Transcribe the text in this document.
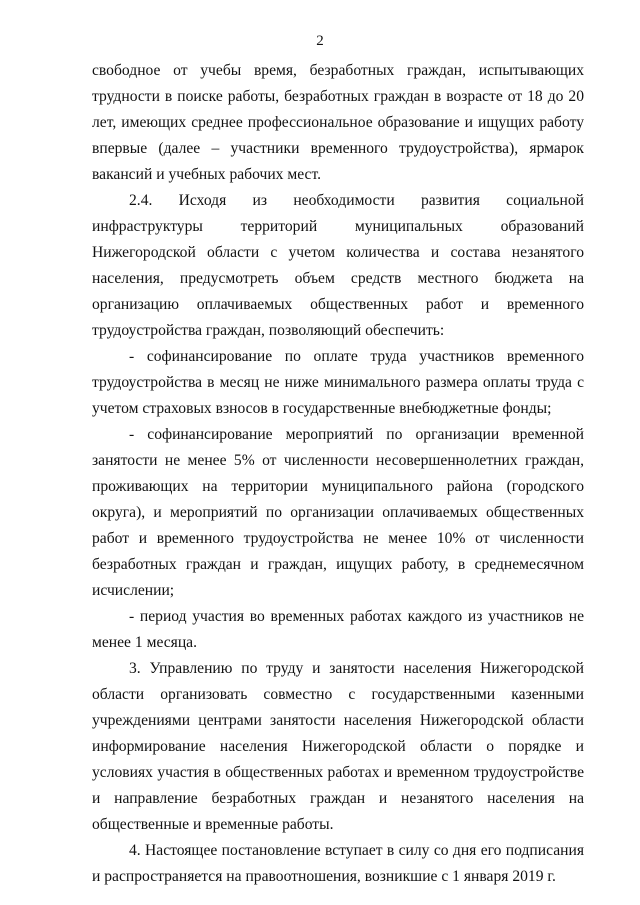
2

свободное от учебы время, безработных граждан, испытывающих трудности в поиске работы, безработных граждан в возрасте от 18 до 20 лет, имеющих среднее профессиональное образование и ищущих работу впервые (далее – участники временного трудоустройства), ярмарок вакансий и учебных рабочих мест.

2.4. Исходя из необходимости развития социальной инфраструктуры территорий муниципальных образований Нижегородской области с учетом количества и состава незанятого населения, предусмотреть объем средств местного бюджета на организацию оплачиваемых общественных работ и временного трудоустройства граждан, позволяющий обеспечить:

- софинансирование по оплате труда участников временного трудоустройства в месяц не ниже минимального размера оплаты труда с учетом страховых взносов в государственные внебюджетные фонды;

- софинансирование мероприятий по организации временной занятости не менее 5% от численности несовершеннолетних граждан, проживающих на территории муниципального района (городского округа), и мероприятий по организации оплачиваемых общественных работ и временного трудоустройства не менее 10% от численности безработных граждан и граждан, ищущих работу, в среднемесячном исчислении;

- период участия во временных работах каждого из участников не менее 1 месяца.

3. Управлению по труду и занятости населения Нижегородской области организовать совместно с государственными казенными учреждениями центрами занятости населения Нижегородской области информирование населения Нижегородской области о порядке и условиях участия в общественных работах и временном трудоустройстве и направление безработных граждан и незанятого населения на общественные и временные работы.

4. Настоящее постановление вступает в силу со дня его подписания и распространяется на правоотношения, возникшие с 1 января 2019 г.
